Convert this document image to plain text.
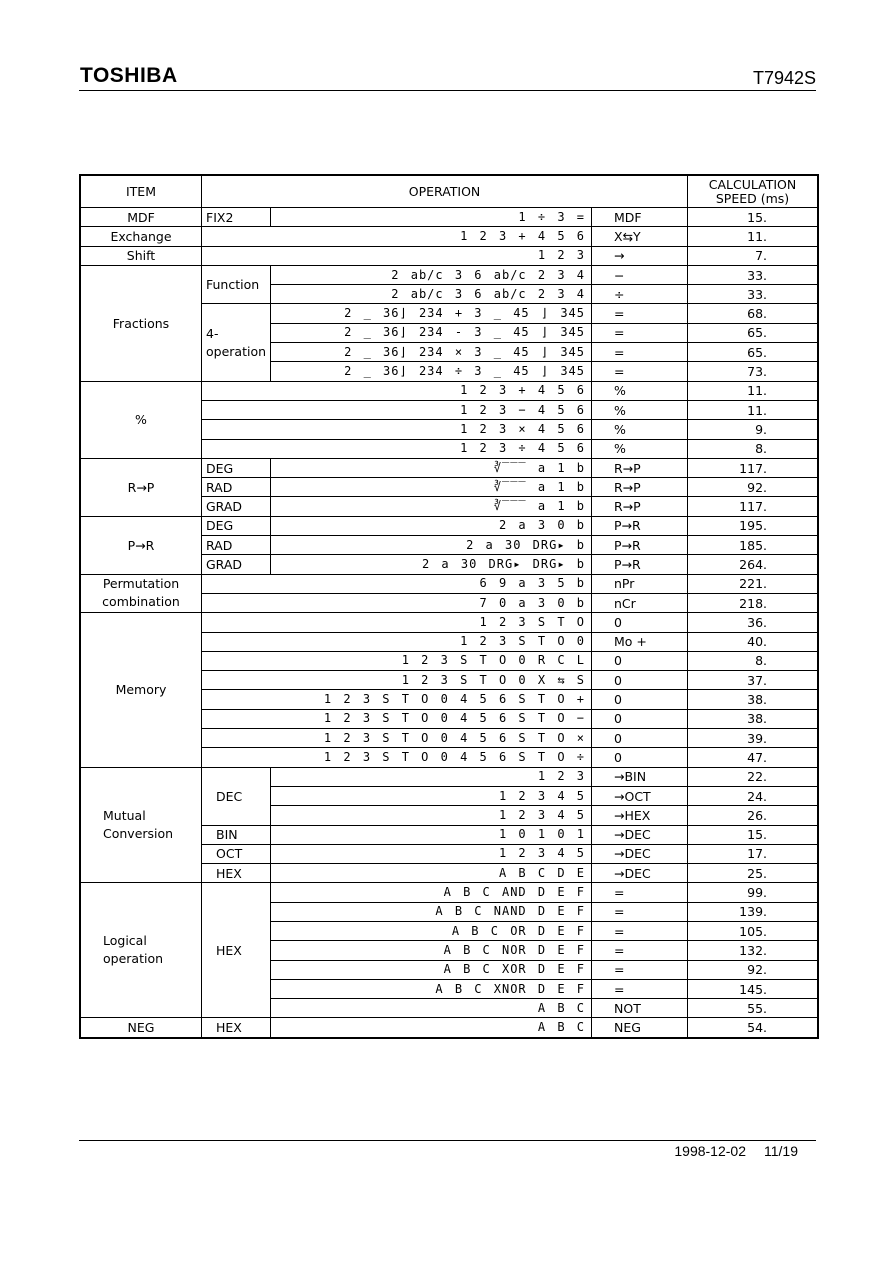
TOSHIBA	T7942S
ITEM	OPERATION			CALCULATION SPEED (ms)
MDF	FIX2	1 ÷ 3 =	MDF	15.
Exchange	1 2 3 + 4 5 6		X⇆Y	11.
Shift	1 2 3		→	7.
Fractions	Function	2 ab/c 3 6 ab/c 2 3 4	−	33.
		2 ab/c 3 6 ab/c 2 3 4	÷	33.
	4- operation	2 _ 36⌋ 234 + 3 _ 45 ⌋ 345	=	68.
		2 _ 36⌋ 234 - 3 _ 45 ⌋ 345	=	65.
		2 _ 36⌋ 234 × 3 _ 45 ⌋ 345	=	65.
		2 _ 36⌋ 234 ÷ 3 _ 45 ⌋ 345	=	73.
%	1 2 3 + 4 5 6		%	11.
	1 2 3 − 4 5 6		%	11.
	1 2 3 × 4 5 6		%	9.
	1 2 3 ÷ 4 5 6		%	8.
R→P	DEG	∛‾‾‾ a 1 b	R→P	117.
	RAD	∛‾‾‾ a 1 b	R→P	92.
	GRAD	∛‾‾‾ a 1 b	R→P	117.
P→R	DEG	2 a 3 0 b	P→R	195.
	RAD	2 a 30 DRG▸ b	P→R	185.
	GRAD	2 a 30 DRG▸ DRG▸ b	P→R	264.
Permutation combination	6 9 a 3 5 b		nPr	221.
	7 0 a 3 0 b		nCr	218.
Memory	1 2 3 S T O		0	36.
	1 2 3 S T O 0		Mo +	40.
	1 2 3 S T O 0 R C L		0	8.
	1 2 3 S T O 0 X ⇆ S		0	37.
	1 2 3 S T O 0 4 5 6 S T O +		0	38.
	1 2 3 S T O 0 4 5 6 S T O −		0	38.
	1 2 3 S T O 0 4 5 6 S T O ×		0	39.
	1 2 3 S T O 0 4 5 6 S T O ÷		0	47.
Mutual Conversion	DEC	1 2 3	→BIN	22.
		1 2 3 4 5	→OCT	24.
		1 2 3 4 5	→HEX	26.
	BIN	1 0 1 0 1	→DEC	15.
	OCT	1 2 3 4 5	→DEC	17.
	HEX	A B C D E	→DEC	25.
Logical operation	HEX	A B C AND D E F	=	99.
		A B C NAND D E F	=	139.
		A B C OR D E F	=	105.
		A B C NOR D E F	=	132.
		A B C XOR D E F	=	92.
		A B C XNOR D E F	=	145.
		A B C	NOT	55.
NEG	HEX	A B C	NEG	54.
1998-12-02 11/19
